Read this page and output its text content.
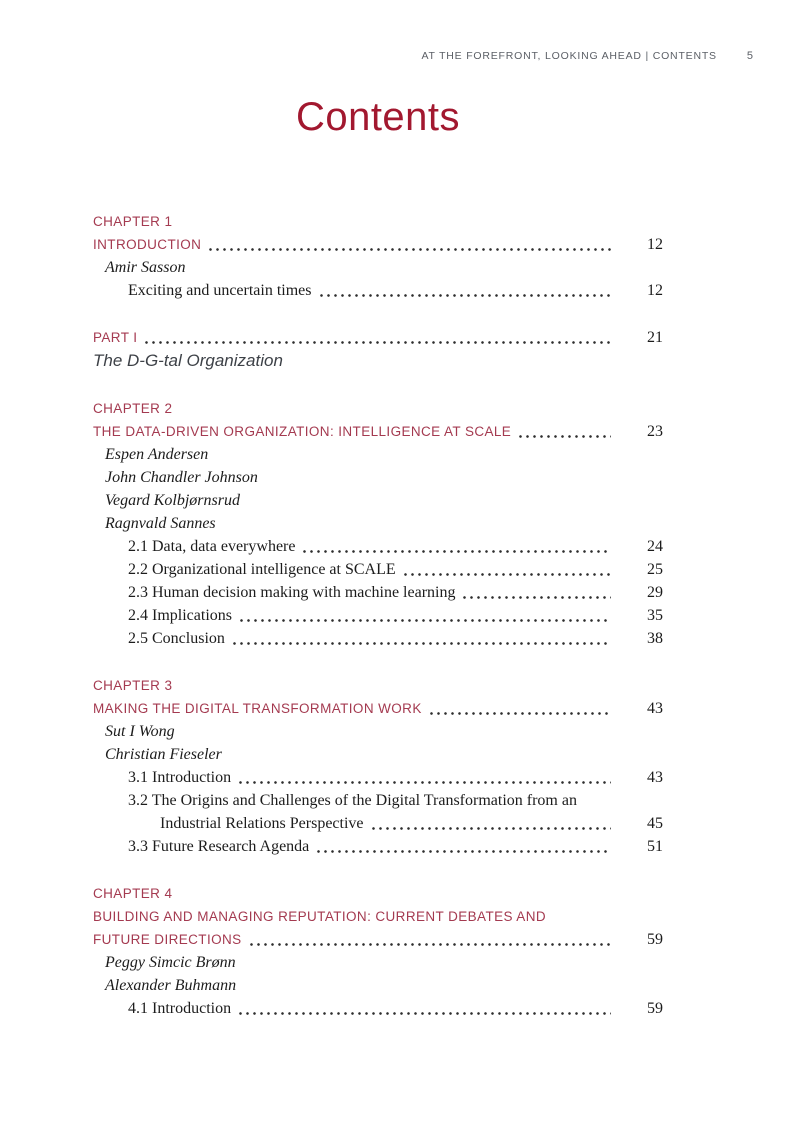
AT THE FOREFRONT, LOOKING AHEAD | CONTENTS	5
Contents
CHAPTER 1
INTRODUCTION	12
Amir Sasson
Exciting and uncertain times	12
PART I	21
The D-G-tal Organization
CHAPTER 2
THE DATA-DRIVEN ORGANIZATION: INTELLIGENCE AT SCALE	23
Espen Andersen
John Chandler Johnson
Vegard Kolbjørnsrud
Ragnvald Sannes
2.1 Data, data everywhere	24
2.2 Organizational intelligence at SCALE	25
2.3 Human decision making with machine learning	29
2.4 Implications	35
2.5 Conclusion	38
CHAPTER 3
MAKING THE DIGITAL TRANSFORMATION WORK	43
Sut I Wong
Christian Fieseler
3.1 Introduction	43
3.2 The Origins and Challenges of the Digital Transformation from an
Industrial Relations Perspective	45
3.3 Future Research Agenda	51
CHAPTER 4
BUILDING AND MANAGING REPUTATION: CURRENT DEBATES AND
FUTURE DIRECTIONS	59
Peggy Simcic Brønn
Alexander Buhmann
4.1 Introduction	59
